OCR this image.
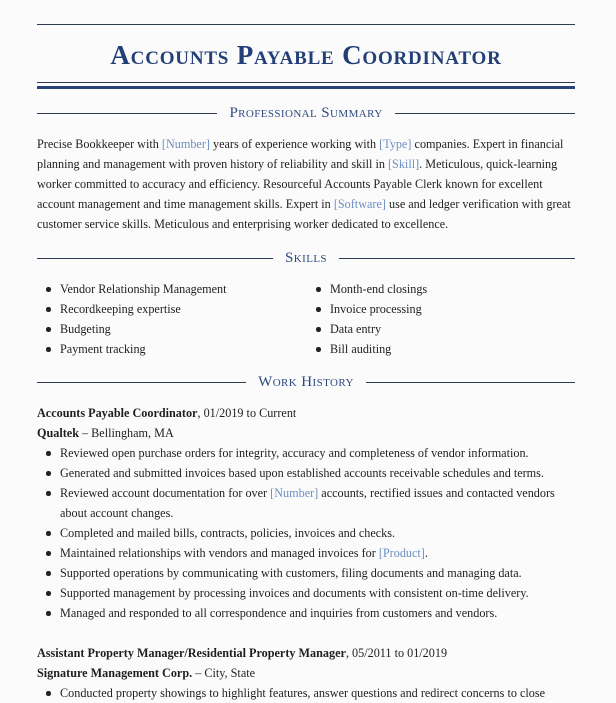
Accounts Payable Coordinator
Professional Summary
Precise Bookkeeper with [Number] years of experience working with [Type] companies. Expert in financial planning and management with proven history of reliability and skill in [Skill]. Meticulous, quick-learning worker committed to accuracy and efficiency. Resourceful Accounts Payable Clerk known for excellent account management and time management skills. Expert in [Software] use and ledger verification with great customer service skills. Meticulous and enterprising worker dedicated to excellence.
Skills
Vendor Relationship Management
Recordkeeping expertise
Budgeting
Payment tracking
Month-end closings
Invoice processing
Data entry
Bill auditing
Work History
Accounts Payable Coordinator, 01/2019 to Current
Qualtek – Bellingham, MA
Reviewed open purchase orders for integrity, accuracy and completeness of vendor information.
Generated and submitted invoices based upon established accounts receivable schedules and terms.
Reviewed account documentation for over [Number] accounts, rectified issues and contacted vendors about account changes.
Completed and mailed bills, contracts, policies, invoices and checks.
Maintained relationships with vendors and managed invoices for [Product].
Supported operations by communicating with customers, filing documents and managing data.
Supported management by processing invoices and documents with consistent on-time delivery.
Managed and responded to all correspondence and inquiries from customers and vendors.
Assistant Property Manager/Residential Property Manager, 05/2011 to 01/2019
Signature Management Corp. – City, State
Conducted property showings to highlight features, answer questions and redirect concerns to close
